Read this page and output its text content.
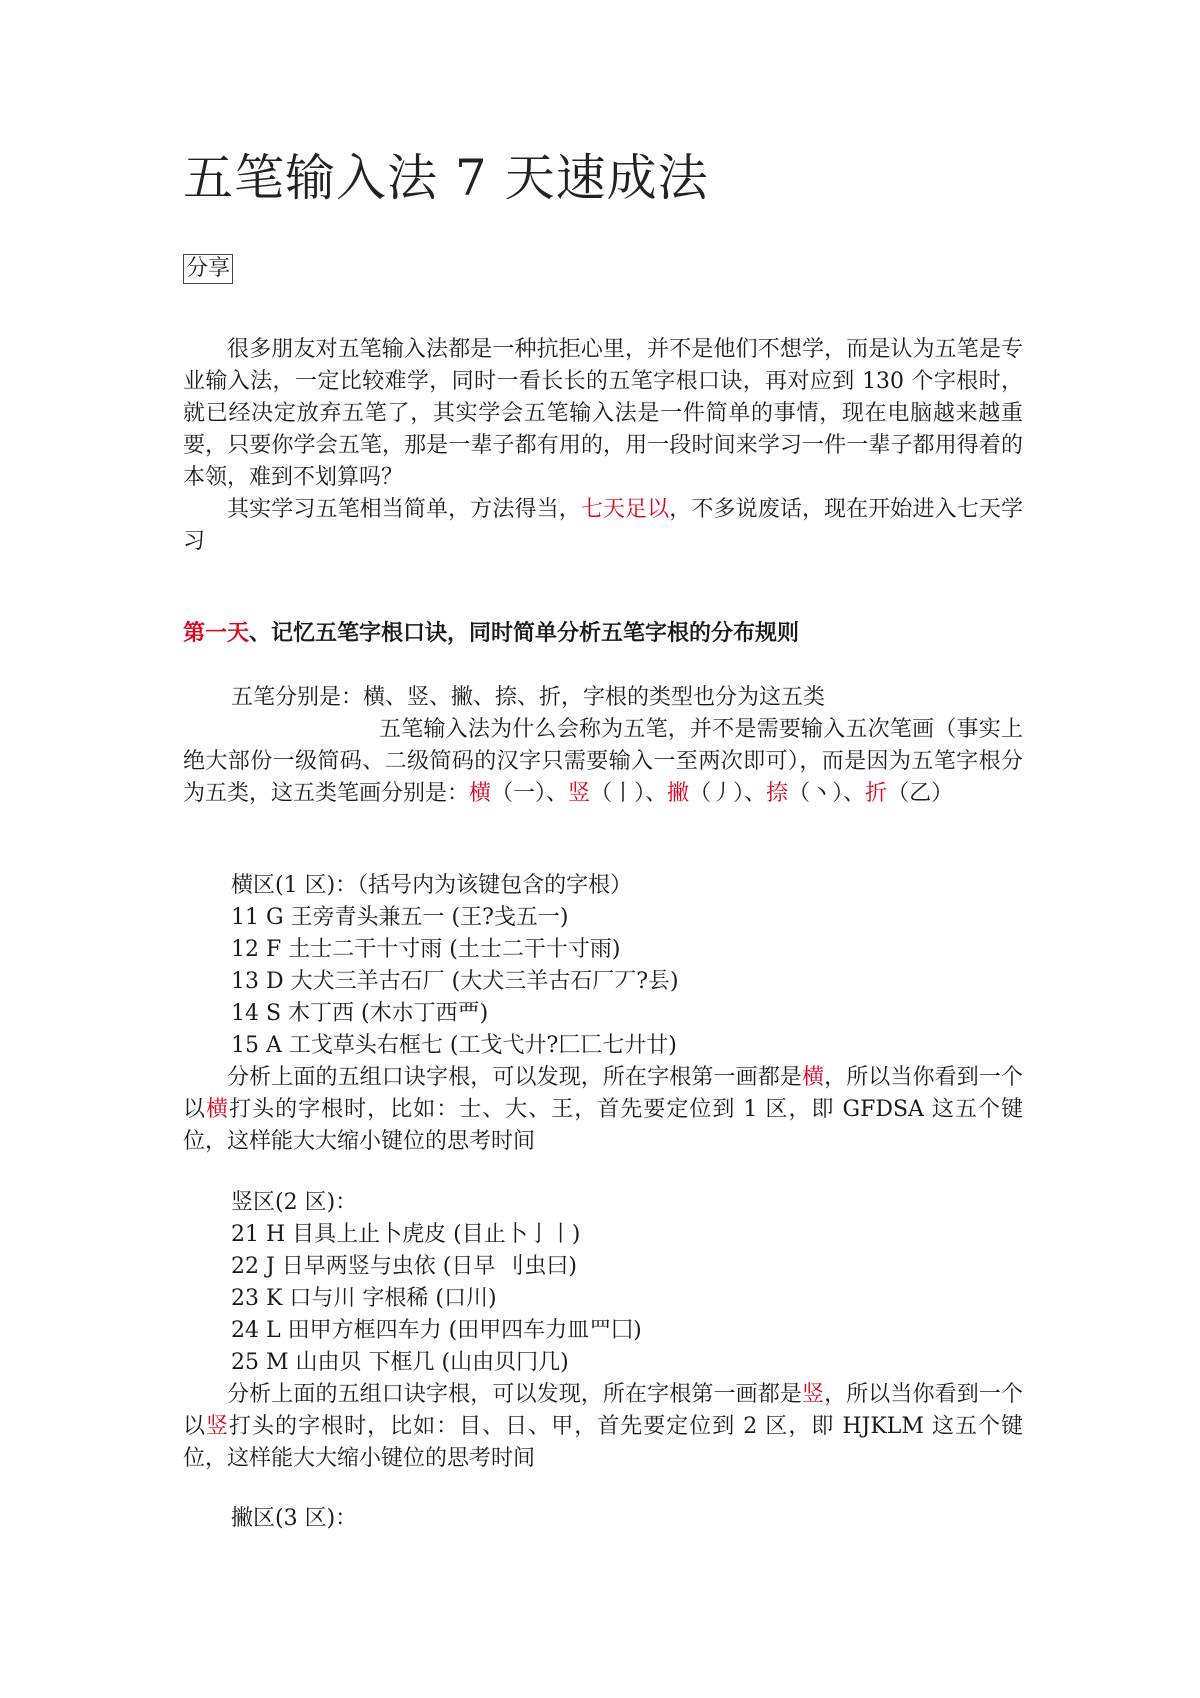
五笔输入法 7 天速成法
分享

很多朋友对五笔输入法都是一种抗拒心里，并不是他们不想学，而是认为五笔是专业输入法，一定比较难学，同时一看长长的五笔字根口诀，再对应到 130 个字根时，就已经决定放弃五笔了，其实学会五笔输入法是一件简单的事情，现在电脑越来越重要，只要你学会五笔，那是一辈子都有用的，用一段时间来学习一件一辈子都用得着的本领，难到不划算吗？

其实学习五笔相当简单，方法得当，七天足以，不多说废话，现在开始进入七天学习

第一天、记忆五笔字根口诀，同时简单分析五笔字根的分布规则

五笔分别是：横、竖、撇、捺、折，字根的类型也分为这五类

五笔输入法为什么会称为五笔，并不是需要输入五次笔画（事实上绝大部份一级简码、二级简码的汉字只需要输入一至两次即可），而是因为五笔字根分为五类，这五类笔画分别是：横（一）、竖（丨）、撇（丿）、捺（丶）、折（乙）

横区(1 区)：（括号内为该键包含的字根）

11 G 王旁青头兼五一 (王?戋五一)

12 F 土士二干十寸雨 (土士二干十寸雨)

13 D 大犬三羊古石厂 (大犬三羊古石厂丆?镸)

14 S 木丁西 (木朩丁西覀)

15 A 工戈草头右框七 (工戈弋廾?匚匸七廾廿)

分析上面的五组口诀字根，可以发现，所在字根第一画都是横，所以当你看到一个以横打头的字根时，比如：士、大、王，首先要定位到 1 区，即 GFDSA 这五个键位，这样能大大缩小键位的思考时间

竖区(2 区)：

21 H 目具上止卜虎皮 (目止卜亅丨)

22 J 日早两竖与虫依 (日早 刂虫曰)

23 K 口与川 字根稀 (口川)

24 L 田甲方框四车力 (田甲四车力皿罒囗)

25 M 山由贝 下框几 (山由贝冂几)

分析上面的五组口诀字根，可以发现，所在字根第一画都是竖，所以当你看到一个以竖打头的字根时，比如：目、日、甲，首先要定位到 2 区，即 HJKLM 这五个键位，这样能大大缩小键位的思考时间

撇区(3 区)：
